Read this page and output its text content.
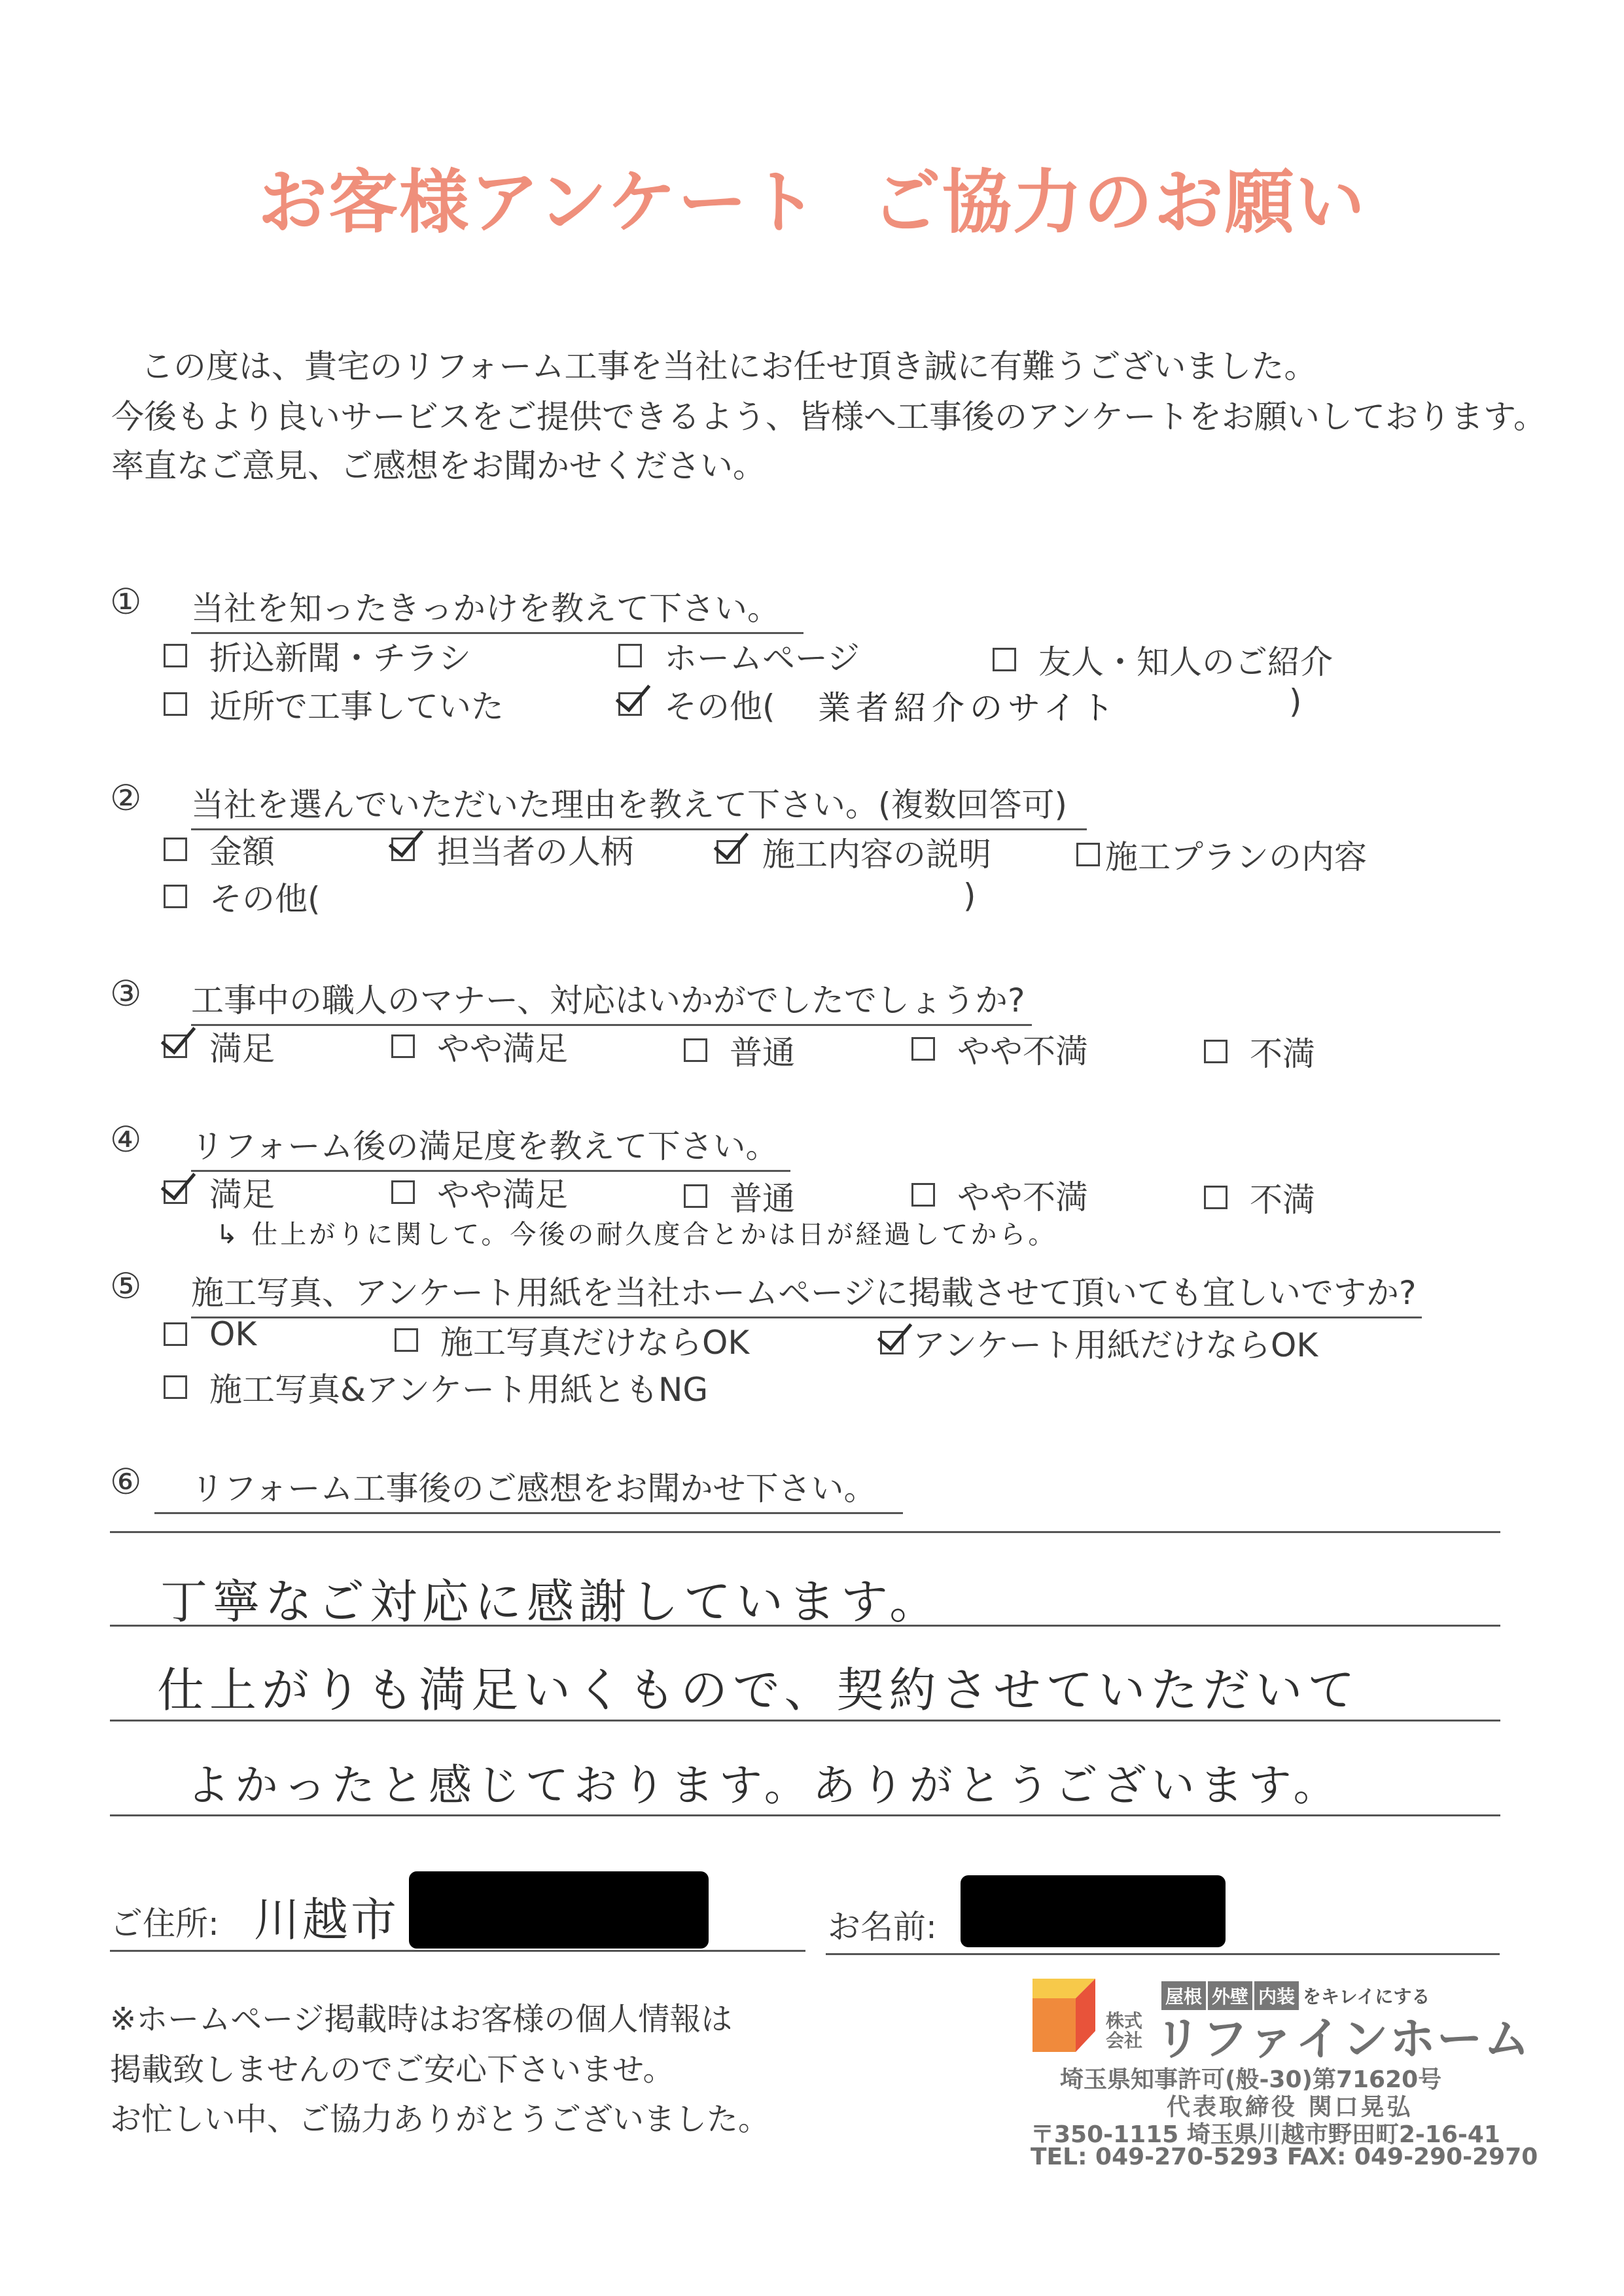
お客様アンケート ご協力のお願い
この度は、貴宅のリフォーム工事を当社にお任せ頂き誠に有難うございました。
今後もより良いサービスをご提供できるよう、皆様へ工事後のアンケートをお願いしております。
率直なご意見、ご感想をお聞かせください。
① 当社を知ったきっかけを教えて下さい。
折込新聞・チラシ	ホームページ	友人・知人のご紹介
近所で工事していた	その他( 業者紹介のサイト	)
② 当社を選んでいただいた理由を教えて下さい。(複数回答可)
金額	担当者の人柄	施工内容の説明	施工プランの内容
その他(	)
③ 工事中の職人のマナー、対応はいかがでしたでしょうか?
満足	やや満足	普通	やや不満	不満
④ リフォーム後の満足度を教えて下さい。
満足	やや満足	普通	やや不満	不満
↳ 仕上がりに関して。今後の耐久度合とかは日が経過してから。
⑤ 施工写真、アンケート用紙を当社ホームページに掲載させて頂いても宜しいですか?
OK	施工写真だけならOK	アンケート用紙だけならOK
施工写真&アンケート用紙ともNG
⑥	リフォーム工事後のご感想をお聞かせ下さい。
丁寧なご対応に感謝しています。
仕上がりも満足いくもので、契約させていただいて
よかったと感じております。ありがとうございます。
ご住所: 川越市	お名前:
※ホームページ掲載時はお客様の個人情報は
掲載致しませんのでご安心下さいませ。
お忙しい中、ご協力ありがとうございました。
屋根 外壁 内装 をキレイにする
株式会社 リファインホーム
埼玉県知事許可(般-30)第71620号
代表取締役 関口晃弘
〒350-1115 埼玉県川越市野田町2-16-41
TEL: 049-270-5293 FAX: 049-290-2970
